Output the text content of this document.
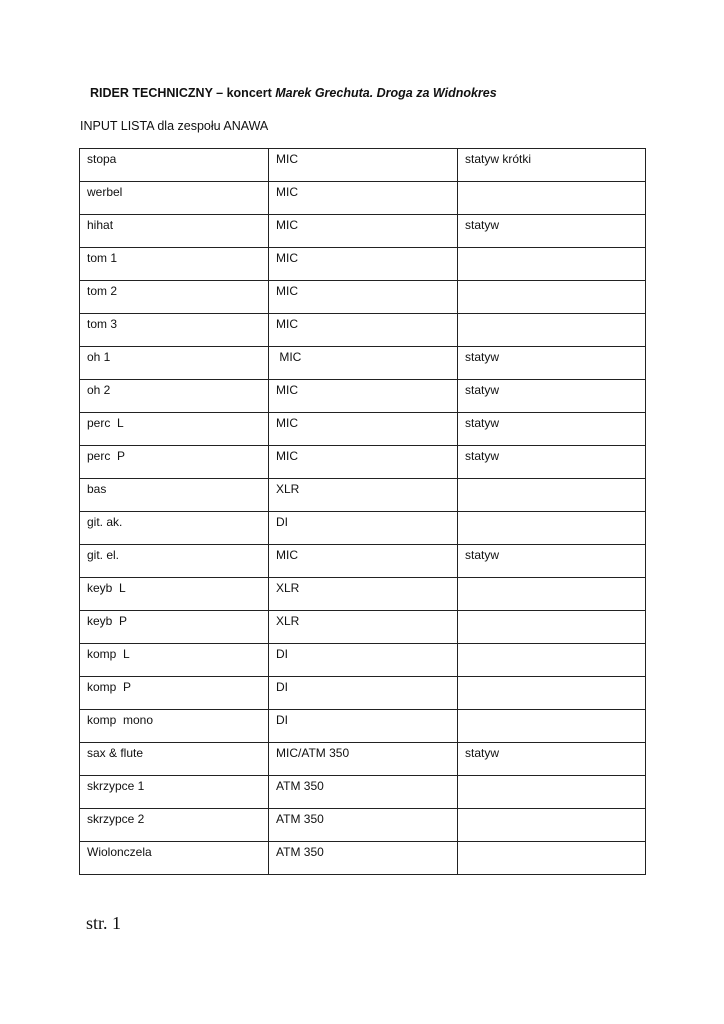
RIDER TECHNICZNY – koncert Marek Grechuta. Droga za Widnokres
INPUT LISTA dla zespołu ANAWA
stopa	MIC	statyw krótki
werbel	MIC	
hihat	MIC	statyw
tom 1	MIC	
tom 2	MIC	
tom 3	MIC	
oh 1	MIC	statyw
oh 2	MIC	statyw
perc  L	MIC	statyw
perc  P	MIC	statyw
bas	XLR	
git. ak.	DI	
git. el.	MIC	statyw
keyb  L	XLR	
keyb  P	XLR	
komp  L	DI	
komp  P	DI	
komp  mono	DI	
sax & flute	MIC/ATM 350	statyw
skrzypce 1	ATM 350	
skrzypce 2	ATM 350	
Wiolonczela	ATM 350	
str. 1
